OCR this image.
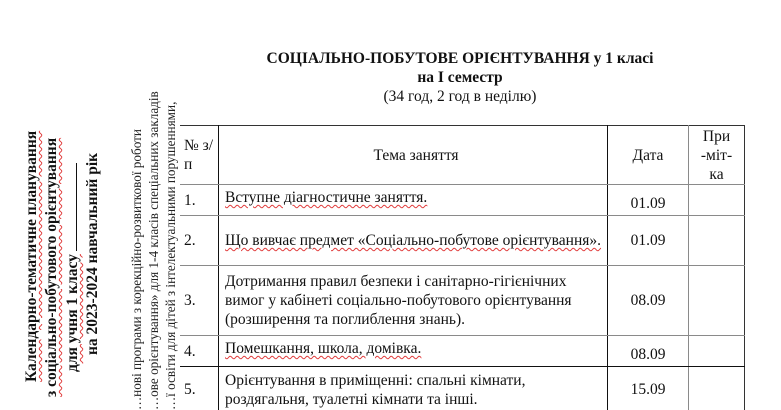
Календарно-тематичне планування з соціально-побутового орієнтування для учня 1 класу на 2023-2024 навчальний рік …нові програми з корекційно-розвиткової роботи …ове орієнтування» для 1-4 класів спеціальних закладів …ї освіти для дітей з інтелектуальними порушеннями,
СОЦІАЛЬНО-ПОБУТОВЕ ОРІЄНТУВАННЯ у 1 класі
на І семестр
(34 год, 2 год в неділю)
№ з/п	Тема заняття	Дата	При-міт-ка
1.	Вступне діагностичне заняття.	01.09	
2.	Що вивчає предмет «Соціально-побутове орієнтування».	01.09	
3.	Дотримання правил безпеки і санітарно-гігієнічних вимог у кабінеті соціально-побутового орієнтування (розширення та поглиблення знань).	08.09	
4.	Помешкання, школа, домівка.	08.09	
5.	Орієнтування в приміщенні: спальні кімнати, роздягальня, туалетні кімнати та інші.	15.09	
